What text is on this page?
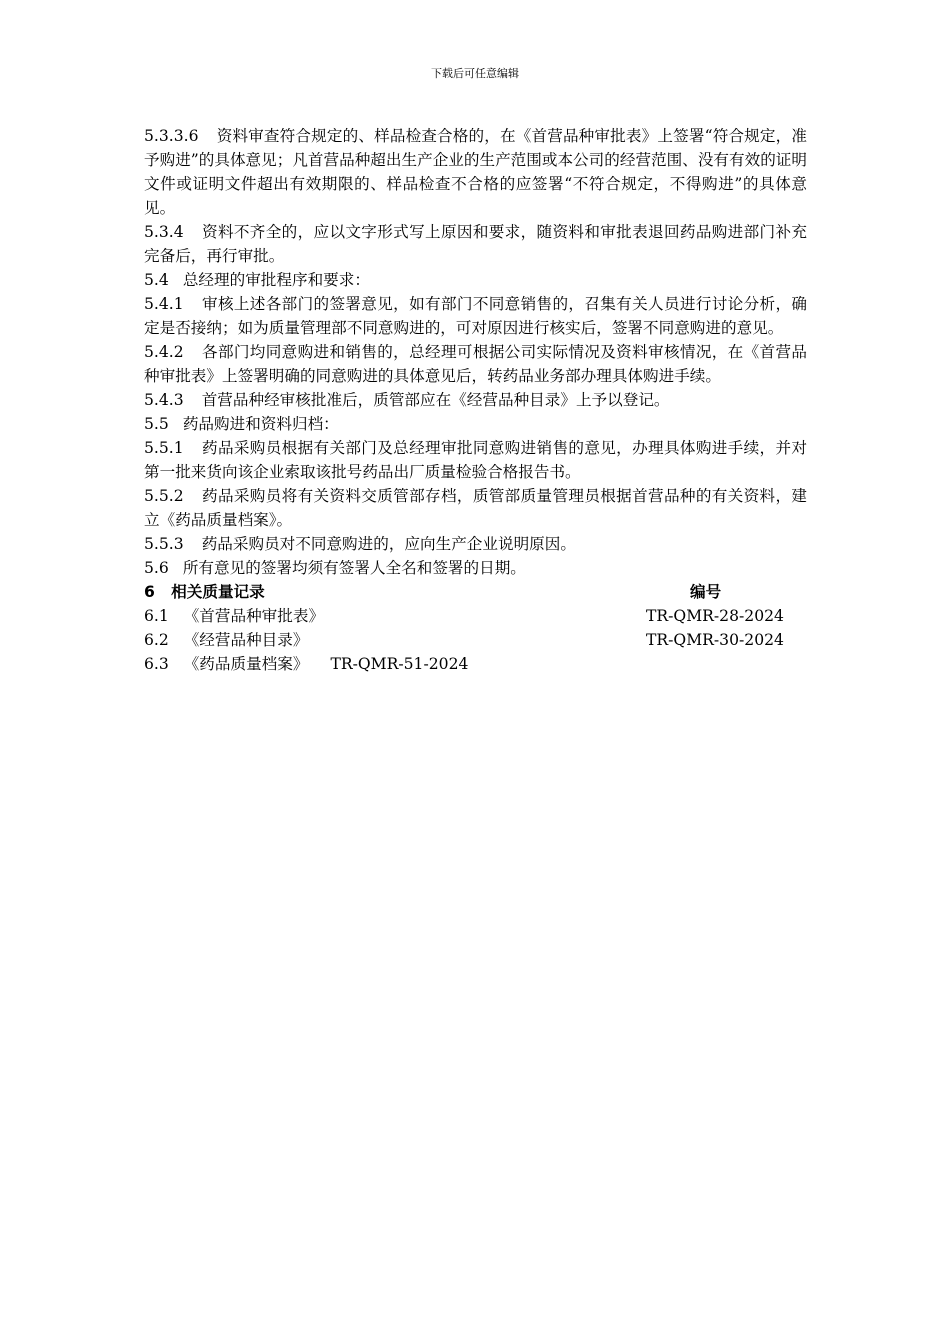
下载后可任意编辑

5.3.3.6 资料审查符合规定的、样品检查合格的，在《首营品种审批表》上签署“符合规定，准予购进”的具体意见；凡首营品种超出生产企业的生产范围或本公司的经营范围、没有有效的证明文件或证明文件超出有效期限的、样品检查不合格的应签署“不符合规定，不得购进”的具体意见。

5.3.4 资料不齐全的，应以文字形式写上原因和要求，随资料和审批表退回药品购进部门补充完备后，再行审批。

5.4 总经理的审批程序和要求：

5.4.1 审核上述各部门的签署意见，如有部门不同意销售的，召集有关人员进行讨论分析，确定是否接纳；如为质量管理部不同意购进的，可对原因进行核实后，签署不同意购进的意见。

5.4.2 各部门均同意购进和销售的，总经理可根据公司实际情况及资料审核情况，在《首营品种审批表》上签署明确的同意购进的具体意见后，转药品业务部办理具体购进手续。

5.4.3 首营品种经审核批准后，质管部应在《经营品种目录》上予以登记。

5.5 药品购进和资料归档：

5.5.1 药品采购员根据有关部门及总经理审批同意购进销售的意见，办理具体购进手续，并对第一批来货向该企业索取该批号药品出厂质量检验合格报告书。

5.5.2 药品采购员将有关资料交质管部存档，质管部质量管理员根据首营品种的有关资料，建立《药品质量档案》。

5.5.3 药品采购员对不同意购进的，应向生产企业说明原因。

5.6 所有意见的签署均须有签署人全名和签署的日期。

6 相关质量记录	编号
6.1 《首营品种审批表》	TR-QMR-28-2024
6.2 《经营品种目录》	TR-QMR-30-2024
6.3 《药品质量档案》 TR-QMR-51-2024
